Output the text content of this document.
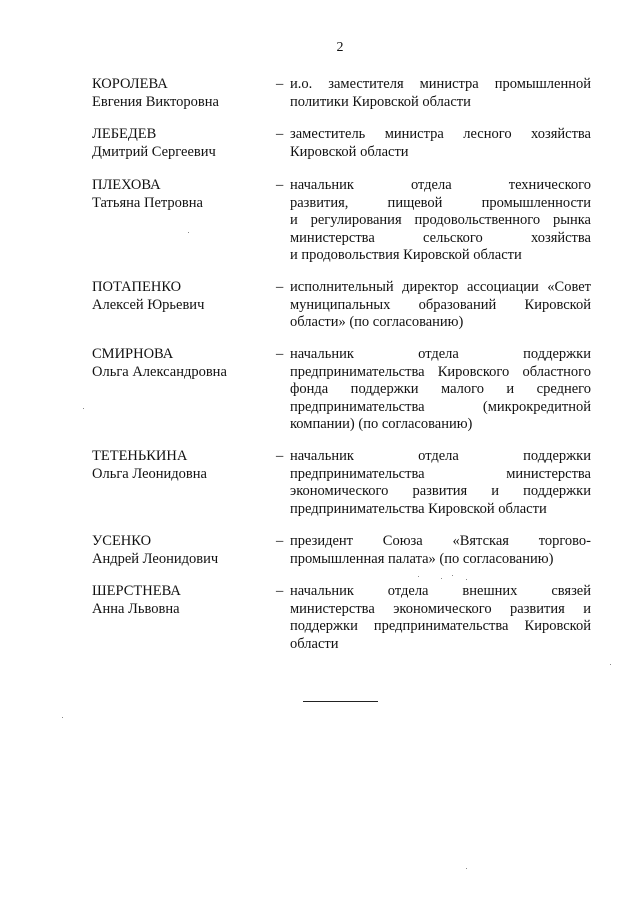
2
КОРОЛЕВА
Евгения Викторовна
– и.о. заместителя министра промышленной
политики Кировской области
ЛЕБЕДЕВ
Дмитрий Сергеевич
– заместитель министра лесного хозяйства
Кировской области
ПЛЕХОВА
Татьяна Петровна
– начальник отдела технического
развития, пищевой промышленности
и регулирования продовольственного рынка
министерства сельского хозяйства
и продовольствия Кировской области
ПОТАПЕНКО
Алексей Юрьевич
– исполнительный директор ассоциации «Совет
муниципальных образований Кировской
области» (по согласованию)
СМИРНОВА
Ольга Александровна
– начальник отдела поддержки
предпринимательства Кировского областного
фонда поддержки малого и среднего
предпринимательства (микрокредитной
компании) (по согласованию)
ТЕТЕНЬКИНА
Ольга Леонидовна
– начальник отдела поддержки
предпринимательства министерства
экономического развития и поддержки
предпринимательства Кировской области
УСЕНКО
Андрей Леонидович
– президент Союза «Вятская торгово-
промышленная палата» (по согласованию)
ШЕРСТНЕВА
Анна Львовна
– начальник отдела внешних связей
министерства экономического развития и
поддержки предпринимательства Кировской
области
